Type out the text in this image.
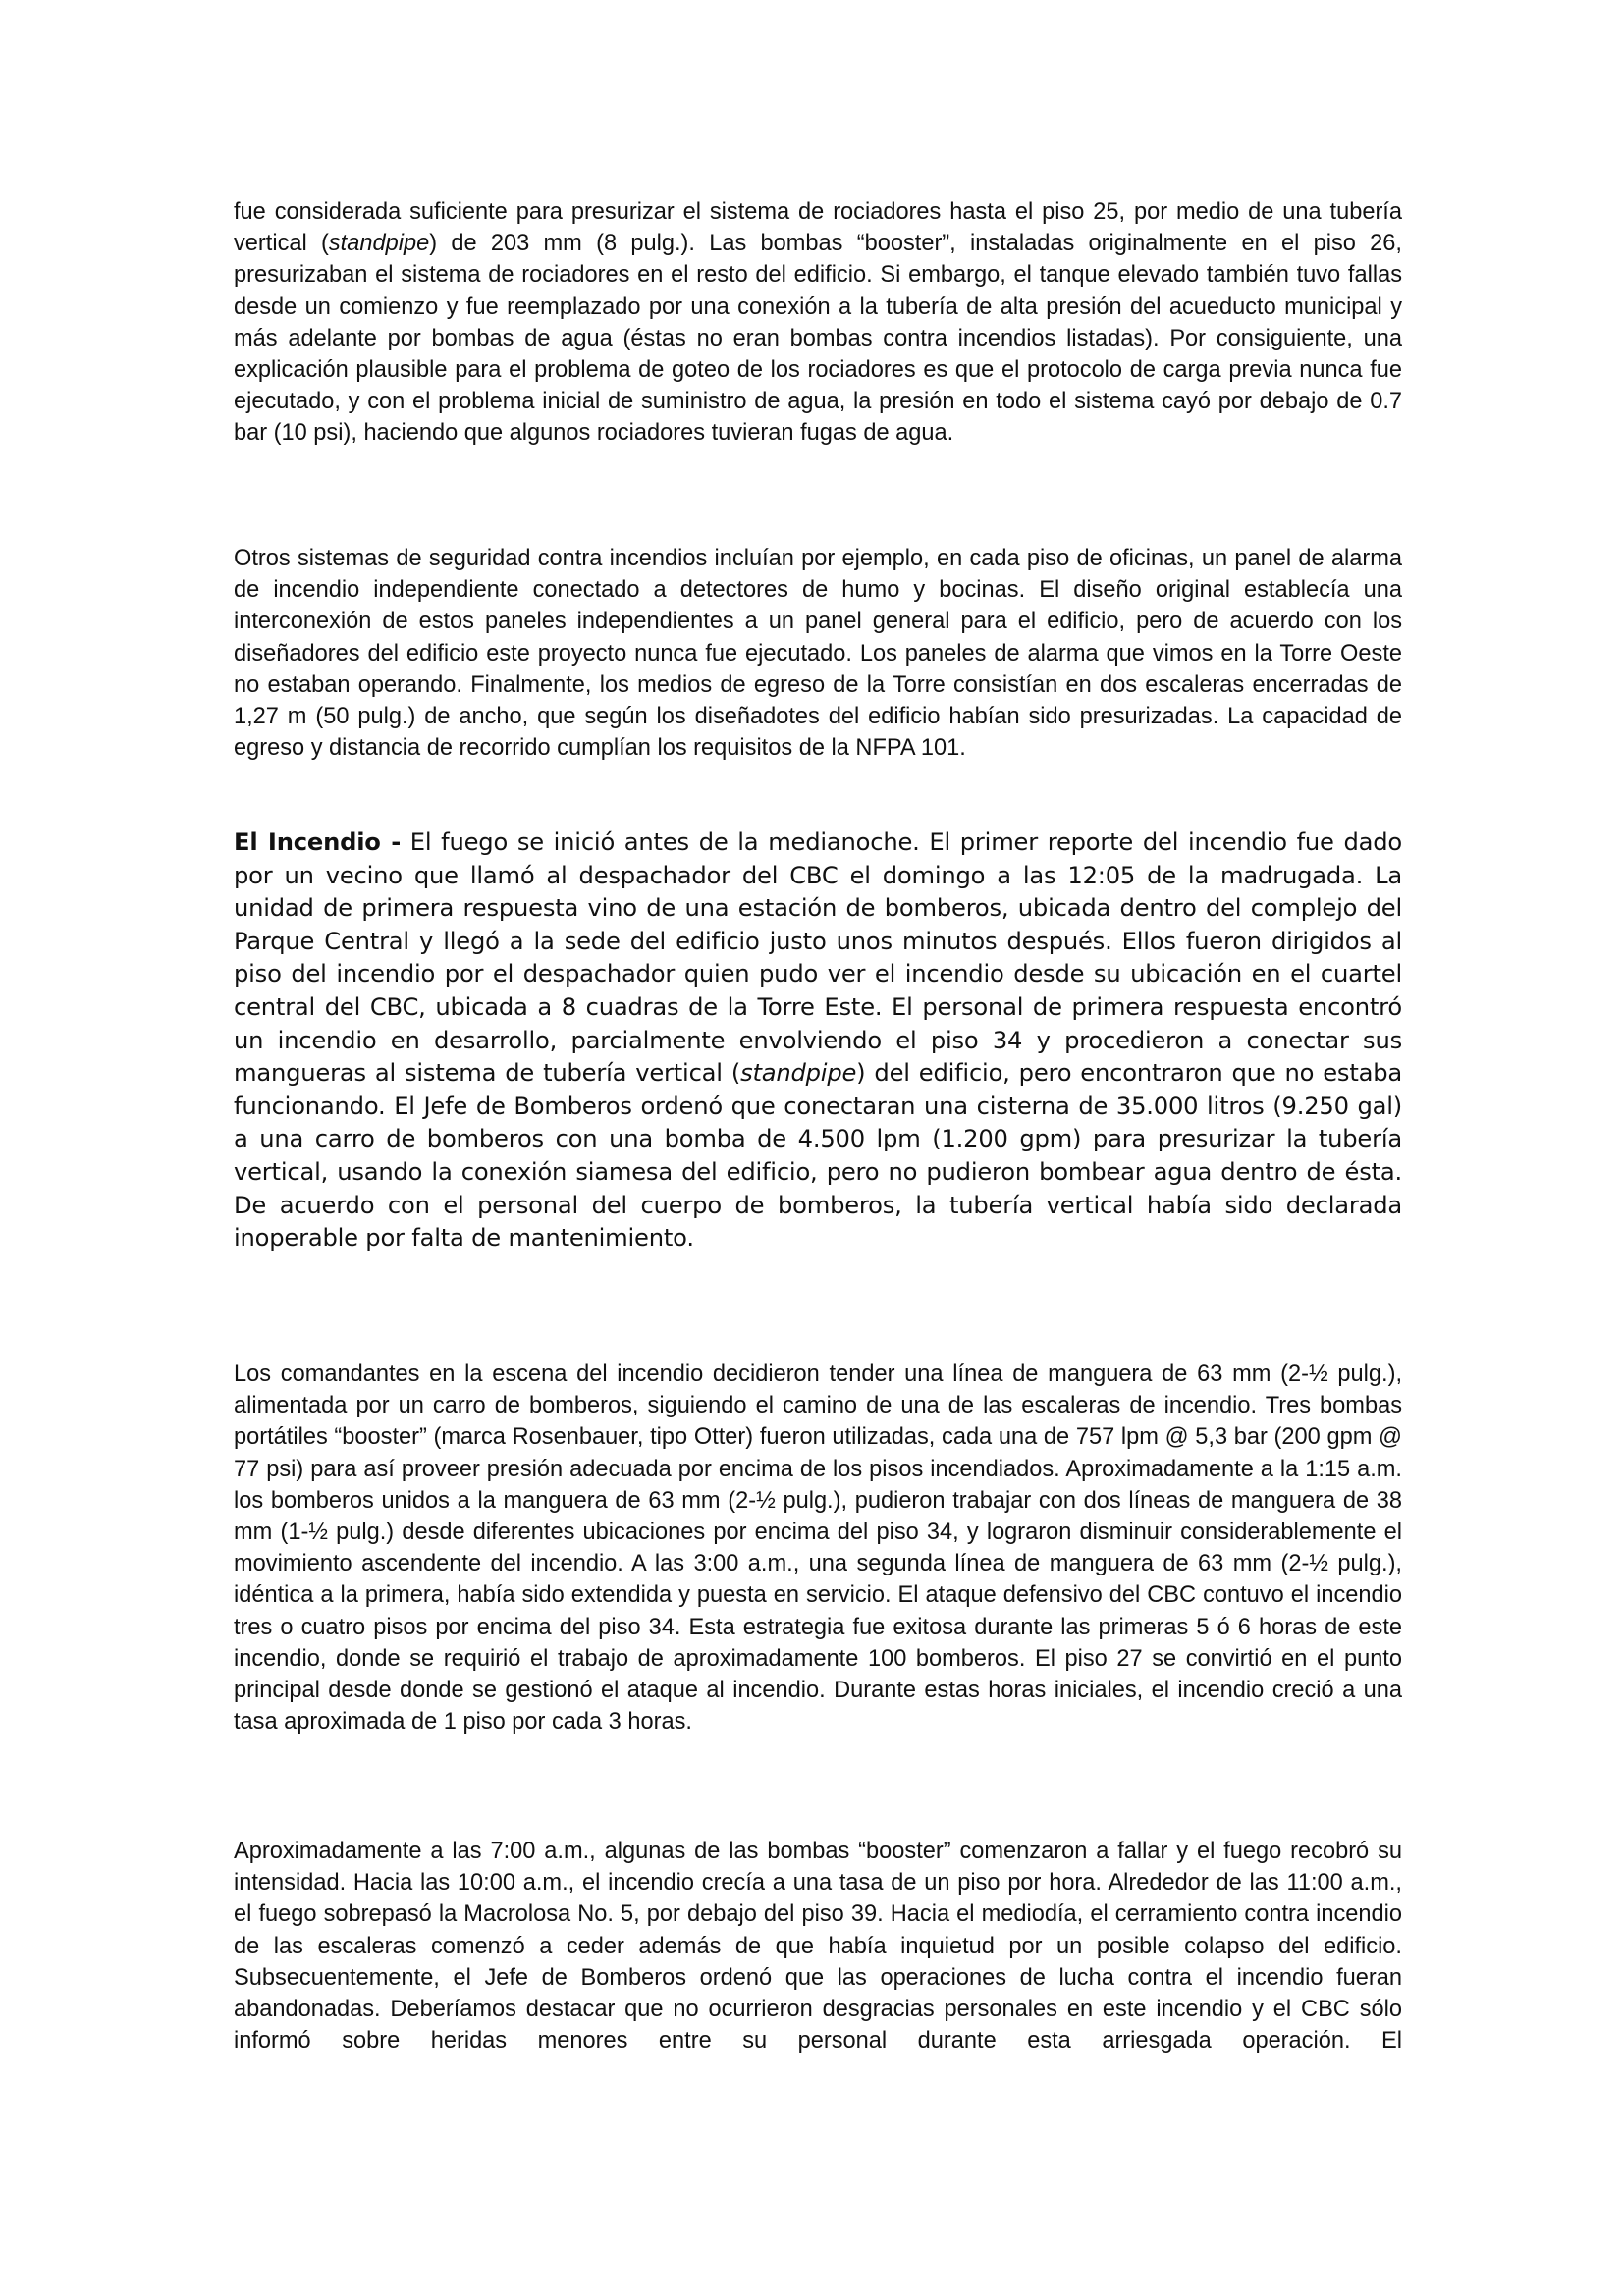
fue considerada suficiente para presurizar el sistema de rociadores hasta el piso 25, por medio de una tubería vertical (standpipe) de 203 mm (8 pulg.). Las bombas “booster”, instaladas originalmente en el piso 26, presurizaban el sistema de rociadores en el resto del edificio. Si embargo, el tanque elevado también tuvo fallas desde un comienzo y fue reemplazado por una conexión a la tubería de alta presión del acueducto municipal y más adelante por bombas de agua (éstas no eran bombas contra incendios listadas). Por consiguiente, una explicación plausible para el problema de goteo de los rociadores es que el protocolo de carga previa nunca fue ejecutado, y con el problema inicial de suministro de agua, la presión en todo el sistema cayó por debajo de 0.7 bar (10 psi), haciendo que algunos rociadores tuvieran fugas de agua.

Otros sistemas de seguridad contra incendios incluían por ejemplo, en cada piso de oficinas, un panel de alarma de incendio independiente conectado a detectores de humo y bocinas. El diseño original establecía una interconexión de estos paneles independientes a un panel general para el edificio, pero de acuerdo con los diseñadores del edificio este proyecto nunca fue ejecutado. Los paneles de alarma que vimos en la Torre Oeste no estaban operando. Finalmente, los medios de egreso de la Torre consistían en dos escaleras encerradas de 1,27 m (50 pulg.) de ancho, que según los diseñadotes del edificio habían sido presurizadas. La capacidad de egreso y distancia de recorrido cumplían los requisitos de la NFPA 101.

El Incendio - El fuego se inició antes de la medianoche. El primer reporte del incendio fue dado por un vecino que llamó al despachador del CBC el domingo a las 12:05 de la madrugada. La unidad de primera respuesta vino de una estación de bomberos, ubicada dentro del complejo del Parque Central y llegó a la sede del edificio justo unos minutos después. Ellos fueron dirigidos al piso del incendio por el despachador quien pudo ver el incendio desde su ubicación en el cuartel central del CBC, ubicada a 8 cuadras de la Torre Este. El personal de primera respuesta encontró un incendio en desarrollo, parcialmente envolviendo el piso 34 y procedieron a conectar sus mangueras al sistema de tubería vertical (standpipe) del edificio, pero encontraron que no estaba funcionando. El Jefe de Bomberos ordenó que conectaran una cisterna de 35.000 litros (9.250 gal) a una carro de bomberos con una bomba de 4.500 lpm (1.200 gpm) para presurizar la tubería vertical, usando la conexión siamesa del edificio, pero no pudieron bombear agua dentro de ésta. De acuerdo con el personal del cuerpo de bomberos, la tubería vertical había sido declarada inoperable por falta de mantenimiento.

Los comandantes en la escena del incendio decidieron tender una línea de manguera de 63 mm (2-½ pulg.), alimentada por un carro de bomberos, siguiendo el camino de una de las escaleras de incendio. Tres bombas portátiles “booster” (marca Rosenbauer, tipo Otter) fueron utilizadas, cada una de 757 lpm @ 5,3 bar (200 gpm @ 77 psi) para así proveer presión adecuada por encima de los pisos incendiados. Aproximadamente a la 1:15 a.m. los bomberos unidos a la manguera de 63 mm (2-½ pulg.), pudieron trabajar con dos líneas de manguera de 38 mm (1-½ pulg.) desde diferentes ubicaciones por encima del piso 34, y lograron disminuir considerablemente el movimiento ascendente del incendio. A las 3:00 a.m., una segunda línea de manguera de 63 mm (2-½ pulg.), idéntica a la primera, había sido extendida y puesta en servicio. El ataque defensivo del CBC contuvo el incendio tres o cuatro pisos por encima del piso 34. Esta estrategia fue exitosa durante las primeras 5 ó 6 horas de este incendio, donde se requirió el trabajo de aproximadamente 100 bomberos. El piso 27 se convirtió en el punto principal desde donde se gestionó el ataque al incendio. Durante estas horas iniciales, el incendio creció a una tasa aproximada de 1 piso por cada 3 horas.

Aproximadamente a las 7:00 a.m., algunas de las bombas “booster” comenzaron a fallar y el fuego recobró su intensidad. Hacia las 10:00 a.m., el incendio crecía a una tasa de un piso por hora. Alrededor de las 11:00 a.m., el fuego sobrepasó la Macrolosa No. 5, por debajo del piso 39. Hacia el mediodía, el cerramiento contra incendio de las escaleras comenzó a ceder además de que había inquietud por un posible colapso del edificio. Subsecuentemente, el Jefe de Bomberos ordenó que las operaciones de lucha contra el incendio fueran abandonadas. Deberíamos destacar que no ocurrieron desgracias personales en este incendio y el CBC sólo informó sobre heridas menores entre su personal durante esta arriesgada operación. El
